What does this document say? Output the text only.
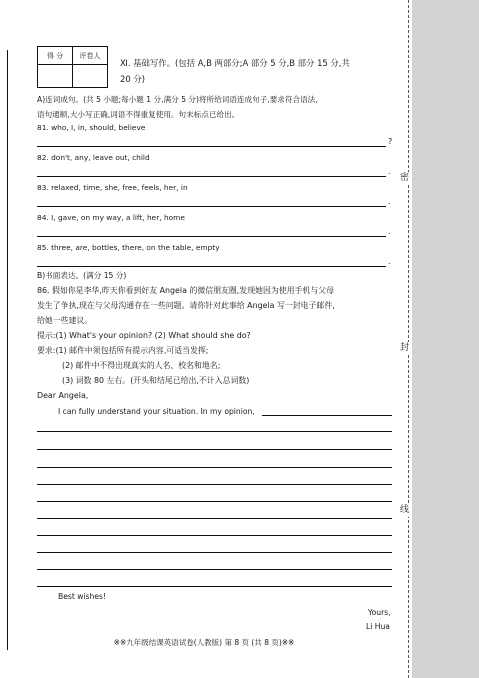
得 分	评卷人

Ⅺ. 基础写作。(包括 A,B 两部分;A 部分 5 分,B 部分 15 分,共
20 分)
A)连词成句。(共 5 小题;每小题 1 分,满分 5 分)将所给词语连成句子,要求符合语法,
语句通顺,大小写正确,词语不得重复使用。句末标点已给出。
81. who, I, in, should, believe
?
82. don't, any, leave out, child
.
83. relaxed, time, she, free, feels, her, in
.
84. I, gave, on my way, a lift, her, home
.
85. three, are, bottles, there, on the table, empty
.
B)书面表达。(满分 15 分)
86. 假如你是李华,昨天你看到好友 Angela 的微信朋友圈,发现她因为使用手机与父母
发生了争执,现在与父母沟通存在一些问题。请你针对此事给 Angela 写一封电子邮件,
给她一些建议。
提示:(1) What's your opinion? (2) What should she do?
要求:(1) 邮件中须包括所有提示内容,可适当发挥;
(2) 邮件中不得出现真实的人名、校名和地名;
(3) 词数 80 左右。(开头和结尾已给出,不计入总词数)
Dear Angela,
I can fully understand your situation. In my opinion,
Best wishes!
Yours,
Li Hua
※※九年级结课英语试卷(人教版) 第 8 页 (共 8 页)※※
密
封
线
